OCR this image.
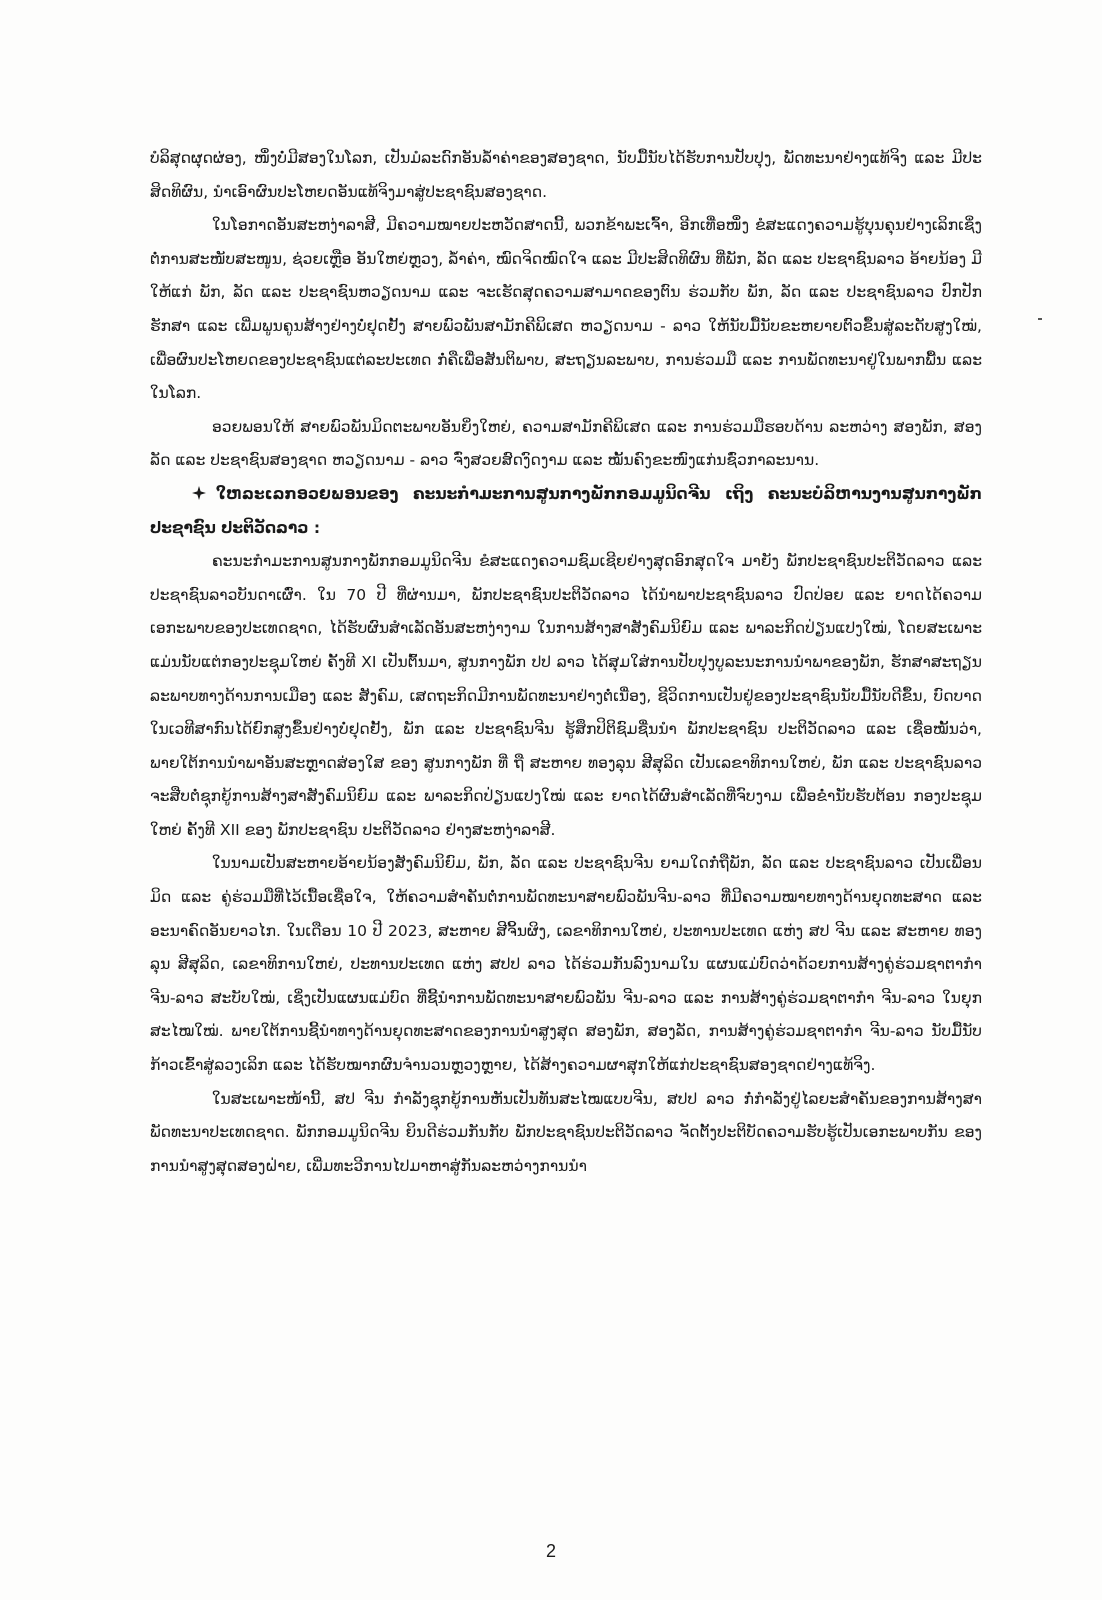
ບໍລິສຸດຜຸດຜ່ອງ, ໜຶ່ງບໍ່ມີສອງໃນໂລກ, ເປັນມໍລະດົກອັນລ້ຳຄ່າຂອງສອງຊາດ, ນັບມື້ນັບໄດ້ຮັບການປັບປຸງ, ພັດທະນາຢ່າງແທ້ຈິງ ແລະ ມີປະສິດທິຜົນ, ນຳເອົາຜົນປະໂຫຍດອັນແທ້ຈິງມາສູ່ປະຊາຊົນສອງຊາດ.

ໃນໂອກາດອັນສະຫງ່າລາສີ, ມີຄວາມໝາຍປະຫວັດສາດນີ້, ພວກຂ້າພະເຈົ້າ, ອີກເທື່ອໜຶ່ງ ຂໍສະແດງຄວາມຮູ້ບຸນຄຸນຢ່າງເລິກເຊິ່ງ ຕໍ່ການສະໜັບສະໜູນ, ຊ່ວຍເຫຼືອ ອັນໃຫຍ່ຫຼວງ, ລ້ຳຄ່າ, ໝົດຈິດໝົດໃຈ ແລະ ມີປະສິດທິຜົນ ທີ່ພັກ, ລັດ ແລະ ປະຊາຊົນລາວ ອ້າຍນ້ອງ ມີໃຫ້ແກ່ ພັກ, ລັດ ແລະ ປະຊາຊົນຫວຽດນາມ ແລະ ຈະເຮັດສຸດຄວາມສາມາດຂອງຕົນ ຮ່ວມກັບ ພັກ, ລັດ ແລະ ປະຊາຊົນລາວ ປົກປັກຮັກສາ ແລະ ເພີ່ມພູນຄູນສ້າງຢ່າງບໍ່ຢຸດຢັ້ງ ສາຍພົວພັນສາມັກຄີພິເສດ ຫວຽດນາມ - ລາວ ໃຫ້ນັບມື້ນັບຂະຫຍາຍຕົວຂຶ້ນສູ່ລະດັບສູງໃໝ່, ເພື່ອຜົນປະໂຫຍດຂອງປະຊາຊົນແຕ່ລະປະເທດ ກໍ່ຄືເພື່ອສັນຕິພາບ, ສະຖຽນລະພາບ, ການຮ່ວມມື ແລະ ການພັດທະນາຢູ່ໃນພາກພື້ນ ແລະ ໃນໂລກ.

ອວຍພອນໃຫ້ ສາຍພົວພັນມິດຕະພາບອັນຍິ່ງໃຫຍ່, ຄວາມສາມັກຄີພິເສດ ແລະ ການຮ່ວມມືຮອບດ້ານ ລະຫວ່າງ ສອງພັກ, ສອງລັດ ແລະ ປະຊາຊົນສອງຊາດ ຫວຽດນາມ - ລາວ ຈົ່ງສວຍສົດງົດງາມ ແລະ ໝັ້ນຄົງຂະໜົງແກ່ນຊົ່ວກາລະນານ.

ໃຫລະເລກອວຍພອນຂອງ ຄະນະກຳມະການສູນກາງພັກກອມມູນິດຈີນ ເຖິງ ຄະນະບໍລິຫານງານສູນກາງພັກປະຊາຊົນ ປະຕິວັດລາວ :

ຄະນະກຳມະການສູນກາງພັກກອມມູນິດຈີນ ຂໍສະແດງຄວາມຊົມເຊີຍຢ່າງສຸດອົກສຸດໃຈ ມາຍັງ ພັກປະຊາຊົນປະຕິວັດລາວ ແລະ ປະຊາຊົນລາວບັນດາເຜົ່າ. ໃນ 70 ປີ ທີ່ຜ່ານມາ, ພັກປະຊາຊົນປະຕິວັດລາວ ໄດ້ນຳພາປະຊາຊົນລາວ ປົດປ່ອຍ ແລະ ຍາດໄດ້ຄວາມເອກະພາບຂອງປະເທດຊາດ, ໄດ້ຮັບຜົນສຳເລັດອັນສະຫງ່າງາມ ໃນການສ້າງສາສັງຄົມນິຍົມ ແລະ ພາລະກິດປ່ຽນແປງໃໝ່, ໂດຍສະເພາະ ແມ່ນນັບແຕ່ກອງປະຊຸມໃຫຍ່ ຄັ້ງທີ XI ເປັນຕົ້ນມາ, ສູນກາງພັກ ປປ ລາວ ໄດ້ສຸມໃສ່ການປັບປຸງບູລະນະການນຳພາຂອງພັກ, ຮັກສາສະຖຽນລະພາບທາງດ້ານການເມືອງ ແລະ ສັງຄົມ, ເສດຖະກິດມີການພັດທະນາຢ່າງຕໍ່ເນື່ອງ, ຊີວິດການເປັນຢູ່ຂອງປະຊາຊົນນັບມື້ນັບດີຂຶ້ນ, ບົດບາດໃນເວທີສາກົນໄດ້ຍົກສູງຂຶ້ນຢ່າງບໍ່ຢຸດຢັ້ງ, ພັກ ແລະ ປະຊາຊົນຈີນ ຮູ້ສຶກປິຕິຊົມຊື່ນນຳ ພັກປະຊາຊົນ ປະຕິວັດລາວ ແລະ ເຊື່ອໝັ້ນວ່າ, ພາຍໃຕ້ການນຳພາອັນສະຫຼາດສ່ອງໃສ ຂອງ ສູນກາງພັກ ທີ່ ຖື ສະຫາຍ ທອງລຸນ ສີສຸລິດ ເປັນເລຂາທິການໃຫຍ່, ພັກ ແລະ ປະຊາຊົນລາວ ຈະສືບຕໍ່ຊຸກຍູ້ການສ້າງສາສັງຄົມນິຍົມ ແລະ ພາລະກິດປ່ຽນແປງໃໝ່ ແລະ ຍາດໄດ້ຜົນສຳເລັດທີ່ຈົບງາມ ເພື່ອຂ່ຳນັບຮັບຕ້ອນ ກອງປະຊຸມໃຫຍ່ ຄັ້ງທີ XII ຂອງ ພັກປະຊາຊົນ ປະຕິວັດລາວ ຢ່າງສະຫງ່າລາສີ.

ໃນນາມເປັນສະຫາຍອ້າຍນ້ອງສັງຄົມນິຍົມ, ພັກ, ລັດ ແລະ ປະຊາຊົນຈີນ ຍາມໃດກໍ່ຖືພັກ, ລັດ ແລະ ປະຊາຊົນລາວ ເປັນເພື່ອນມິດ ແລະ ຄູ່ຮ່ວມມືທີ່ໄວ້ເນື້ອເຊື່ອໃຈ, ໃຫ້ຄວາມສຳຄັນຕໍ່ການພັດທະນາສາຍພົວພັນຈີນ-ລາວ ທີ່ມີຄວາມໝາຍທາງດ້ານຍຸດທະສາດ ແລະ ອະນາຄົດອັນຍາວໄກ. ໃນເດືອນ 10 ປີ 2023, ສະຫາຍ ສີຈິ້ນຜິງ, ເລຂາທິການໃຫຍ່, ປະທານປະເທດ ແຫ່ງ ສປ ຈີນ ແລະ ສະຫາຍ ທອງລຸນ ສີສຸລິດ, ເລຂາທິການໃຫຍ່, ປະທານປະເທດ ແຫ່ງ ສປປ ລາວ ໄດ້ຮ່ວມກັນລົງນາມໃນ ແຜນແມ່ບົດວ່າດ້ວຍການສ້າງຄູ່ຮ່ວມຊາຕາກຳ ຈີນ-ລາວ ສະບັບໃໝ່, ເຊິ່ງເປັນແຜນແມ່ບົດ ທີ່ຊີ້ນຳການພັດທະນາສາຍພົວພັນ ຈີນ-ລາວ ແລະ ການສ້າງຄູ່ຮ່ວມຊາຕາກຳ ຈີນ-ລາວ ໃນຍຸກສະໄໝໃໝ່. ພາຍໃຕ້ການຊີ້ນຳທາງດ້ານຍຸດທະສາດຂອງການນຳສູງສຸດ ສອງພັກ, ສອງລັດ, ການສ້າງຄູ່ຮ່ວມຊາຕາກຳ ຈີນ-ລາວ ນັບມື້ນັບກ້າວເຂົ້າສູ່ລວງເລິກ ແລະ ໄດ້ຮັບໝາກຜົນຈຳນວນຫຼວງຫຼາຍ, ໄດ້ສ້າງຄວາມຜາສຸກໃຫ້ແກ່ປະຊາຊົນສອງຊາດຢ່າງແທ້ຈິງ.

ໃນສະເພາະໜ້ານີ້, ສປ ຈີນ ກຳລັງຊຸກຍູ້ການຫັນເປັນທັນສະໄໝແບບຈີນ, ສປປ ລາວ ກໍ່ກຳລັງຢູ່ໄລຍະສຳຄັນຂອງການສ້າງສາພັດທະນາປະເທດຊາດ. ພັກກອມມູນິດຈີນ ຍິນດີຮ່ວມກັນກັບ ພັກປະຊາຊົນປະຕິວັດລາວ ຈັດຕັ້ງປະຕິບັດຄວາມຮັບຮູ້ເປັນເອກະພາບກັນ ຂອງການນຳສູງສຸດສອງຝ່າຍ, ເພີ່ມທະວີການໄປມາຫາສູ່ກັນລະຫວ່າງການນຳ

2
